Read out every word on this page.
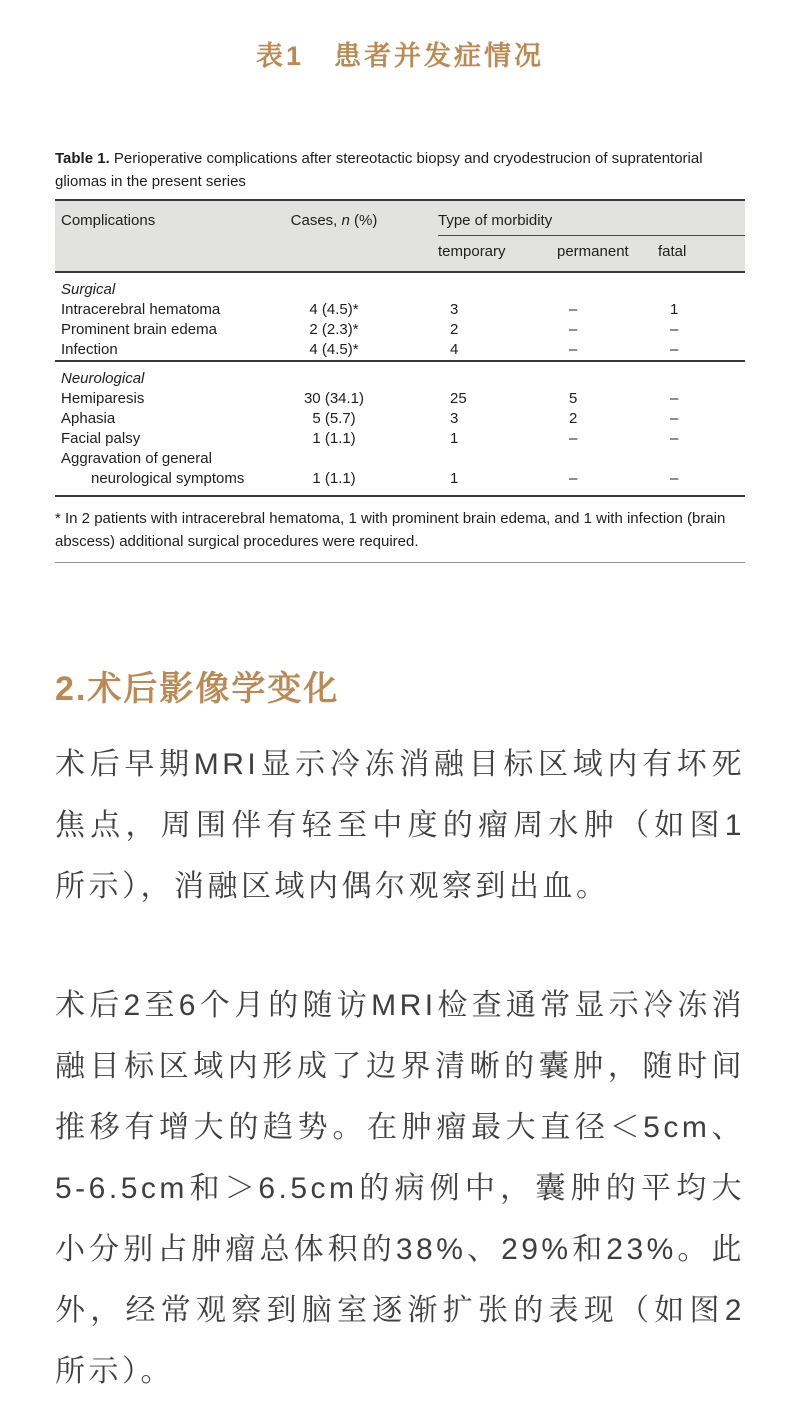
表1　患者并发症情况

Table 1. Perioperative complications after stereotactic biopsy and cryodestrucion of supratentorial gliomas in the present series

Complications	Cases, n (%)	Type of morbidity		
		temporary	permanent	fatal
Surgical				
Intracerebral hematoma	4 (4.5)*	3	–	1
Prominent brain edema	2 (2.3)*	2	–	–
Infection	4 (4.5)*	4	–	–
Neurological				
Hemiparesis	30 (34.1)	25	5	–
Aphasia	5 (5.7)	3	2	–
Facial palsy	1 (1.1)	1	–	–
Aggravation of general				
neurological symptoms	1 (1.1)	1	–	–

* In 2 patients with intracerebral hematoma, 1 with prominent brain edema, and 1 with infection (brain abscess) additional surgical procedures were required.

2.术后影像学变化

术后早期MRI显示冷冻消融目标区域内有坏死焦点，周围伴有轻至中度的瘤周水肿（如图1所示），消融区域内偶尔观察到出血。

术后2至6个月的随访MRI检查通常显示冷冻消融目标区域内形成了边界清晰的囊肿，随时间推移有增大的趋势。在肿瘤最大直径＜5cm、5-6.5cm和＞6.5cm的病例中，囊肿的平均大小分别占肿瘤总体积的38%、29%和23%。此外，经常观察到脑室逐渐扩张的表现（如图2所示）。
